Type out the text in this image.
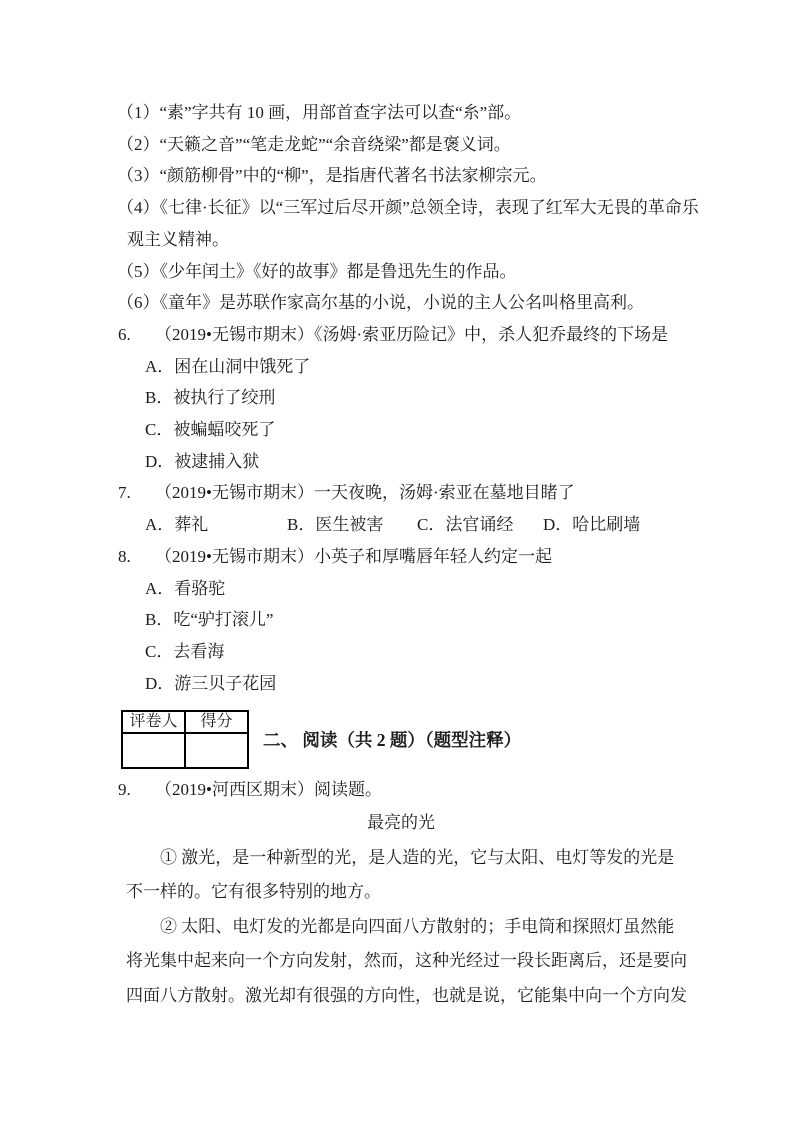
（1）“素”字共有 10 画，用部首查字法可以查“糸”部。
（2）“天籁之音”“笔走龙蛇”“余音绕梁”都是褒义词。
（3）“颜筋柳骨”中的“柳”，是指唐代著名书法家柳宗元。
（4）《七律·长征》以“三军过后尽开颜”总领全诗，表现了红军大无畏的革命乐
观主义精神。
（5）《少年闰土》《好的故事》都是鲁迅先生的作品。
（6）《童年》是苏联作家高尔基的小说，小说的主人公名叫格里高利。
6. （2019•无锡市期末）《汤姆·索亚历险记》中，杀人犯乔最终的下场是
A．困在山洞中饿死了
B．被执行了绞刑
C．被蝙蝠咬死了
D．被逮捕入狱
7. （2019•无锡市期末）一天夜晚，汤姆·索亚在墓地目睹了
A．葬礼	B．医生被害 C．法官诵经 D．哈比刷墙
8. （2019•无锡市期末）小英子和厚嘴唇年轻人约定一起
A．看骆驼
B．吃“驴打滚儿”
C．去看海
D．游三贝子花园
评卷人	得分

二、 阅读（共 2 题）（题型注释）
9. （2019•河西区期末）阅读题。
最亮的光
① 激光，是一种新型的光，是人造的光，它与太阳、电灯等发的光是
不一样的。它有很多特别的地方。
② 太阳、电灯发的光都是向四面八方散射的；手电筒和探照灯虽然能
将光集中起来向一个方向发射，然而，这种光经过一段长距离后，还是要向
四面八方散射。激光却有很强的方向性，也就是说，它能集中向一个方向发
